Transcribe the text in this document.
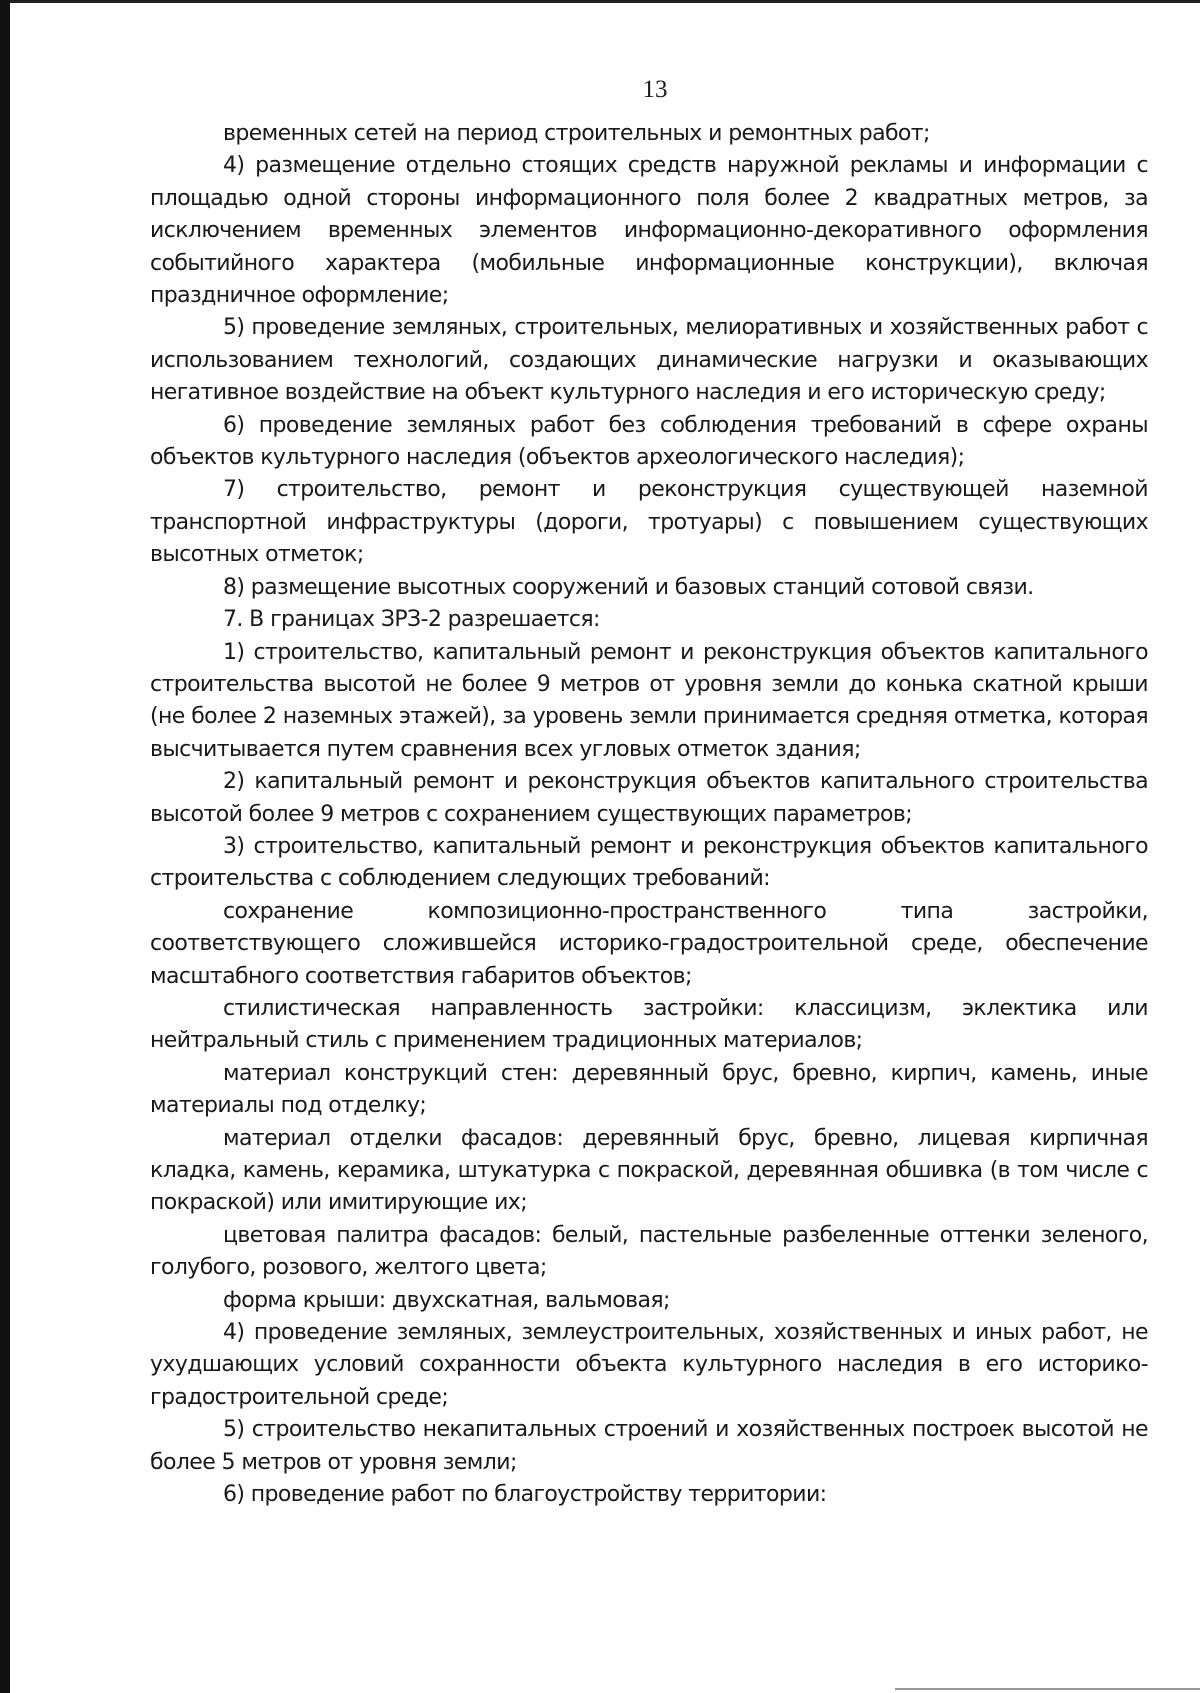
13

временных сетей на период строительных и ремонтных работ;

4) размещение отдельно стоящих средств наружной рекламы и информации с площадью одной стороны информационного поля более 2 квадратных метров, за исключением временных элементов информационно-декоративного оформления событийного характера (мобильные информационные конструкции), включая праздничное оформление;

5) проведение земляных, строительных, мелиоративных и хозяйственных работ с использованием технологий, создающих динамические нагрузки и оказывающих негативное воздействие на объект культурного наследия и его историческую среду;

6) проведение земляных работ без соблюдения требований в сфере охраны объектов культурного наследия (объектов археологического наследия);

7) строительство, ремонт и реконструкция существующей наземной транспортной инфраструктуры (дороги, тротуары) с повышением существующих высотных отметок;

8) размещение высотных сооружений и базовых станций сотовой связи.

7. В границах ЗРЗ-2 разрешается:

1) строительство, капитальный ремонт и реконструкция объектов капитального строительства высотой не более 9 метров от уровня земли до конька скатной крыши (не более 2 наземных этажей), за уровень земли принимается средняя отметка, которая высчитывается путем сравнения всех угловых отметок здания;

2) капитальный ремонт и реконструкция объектов капитального строительства высотой более 9 метров с сохранением существующих параметров;

3) строительство, капитальный ремонт и реконструкция объектов капитального строительства с соблюдением следующих требований:

сохранение композиционно-пространственного типа застройки, соответствующего сложившейся историко-градостроительной среде, обеспечение масштабного соответствия габаритов объектов;

стилистическая направленность застройки: классицизм, эклектика или нейтральный стиль с применением традиционных материалов;

материал конструкций стен: деревянный брус, бревно, кирпич, камень, иные материалы под отделку;

материал отделки фасадов: деревянный брус, бревно, лицевая кирпичная кладка, камень, керамика, штукатурка с покраской, деревянная обшивка (в том числе с покраской) или имитирующие их;

цветовая палитра фасадов: белый, пастельные разбеленные оттенки зеленого, голубого, розового, желтого цвета;

форма крыши: двухскатная, вальмовая;

4) проведение земляных, землеустроительных, хозяйственных и иных работ, не ухудшающих условий сохранности объекта культурного наследия в его историко-градостроительной среде;

5) строительство некапитальных строений и хозяйственных построек высотой не более 5 метров от уровня земли;

6) проведение работ по благоустройству территории:
